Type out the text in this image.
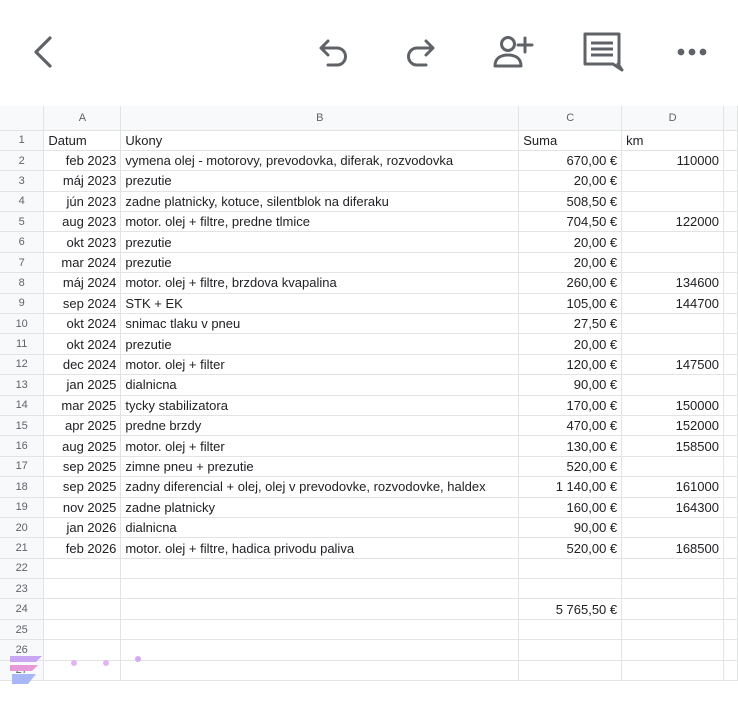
	A	B	C	D	
1	Datum	Ukony	Suma	km	
2	feb 2023	vymena olej - motorovy, prevodovka, diferak, rozvodovka	670,00 €	110000	
3	máj 2023	prezutie	20,00 €		
4	jún 2023	zadne platnicky, kotuce, silentblok na diferaku	508,50 €		
5	aug 2023	motor. olej + filtre, predne tlmice	704,50 €	122000	
6	okt 2023	prezutie	20,00 €		
7	mar 2024	prezutie	20,00 €		
8	máj 2024	motor. olej + filtre, brzdova kvapalina	260,00 €	134600	
9	sep 2024	STK + EK	105,00 €	144700	
10	okt 2024	snimac tlaku v pneu	27,50 €		
11	okt 2024	prezutie	20,00 €		
12	dec 2024	motor. olej + filter	120,00 €	147500	
13	jan 2025	dialnicna	90,00 €		
14	mar 2025	tycky stabilizatora	170,00 €	150000	
15	apr 2025	predne brzdy	470,00 €	152000	
16	aug 2025	motor. olej + filter	130,00 €	158500	
17	sep 2025	zimne pneu + prezutie	520,00 €		
18	sep 2025	zadny diferencial + olej, olej v prevodovke, rozvodovke, haldex	1 140,00 €	161000	
19	nov 2025	zadne platnicky	160,00 €	164300	
20	jan 2026	dialnicna	90,00 €		
21	feb 2026	motor. olej + filtre, hadica privodu paliva	520,00 €	168500	
22					
23					
24			5 765,50 €		
25					
26					
